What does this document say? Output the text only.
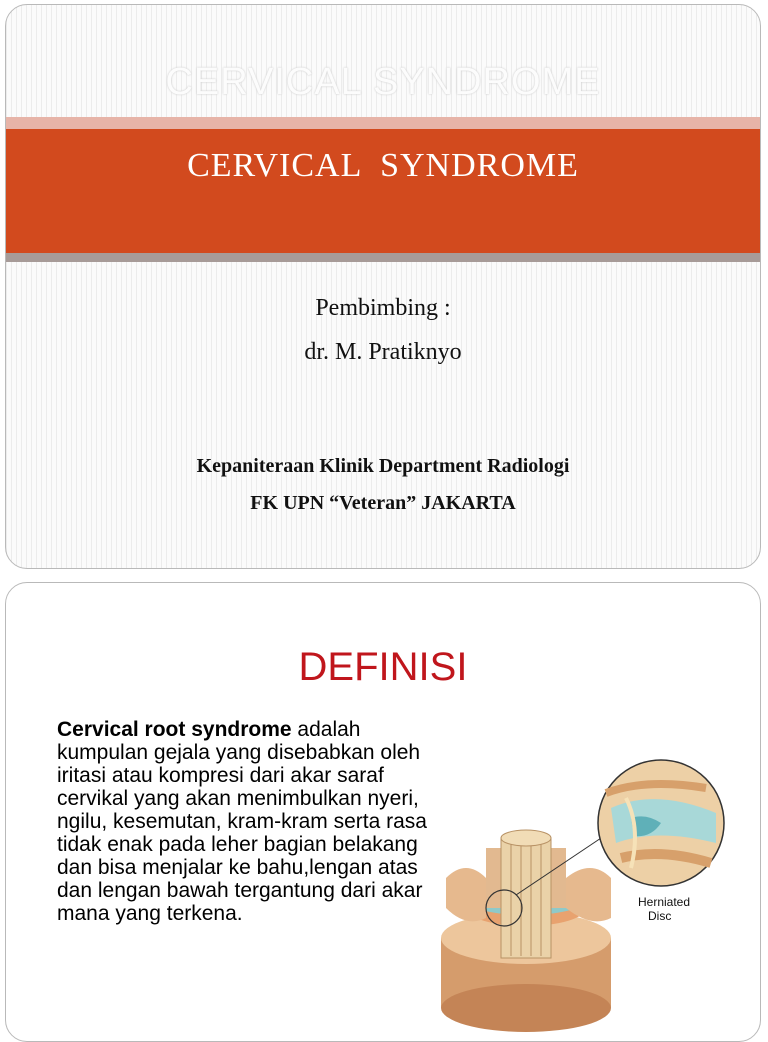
CERVICAL SYNDROME
CERVICAL  SYNDROME
Pembimbing :
dr. M. Pratiknyo
Kepaniteraan Klinik Department Radiologi
FK UPN “Veteran” JAKARTA
DEFINISI
Cervical root syndrome adalah kumpulan gejala yang disebabkan oleh iritasi atau kompresi dari akar saraf cervikal yang akan menimbulkan nyeri, ngilu, kesemutan, kram-kram serta rasa tidak enak pada leher bagian belakang dan bisa menjalar ke bahu,lengan atas dan lengan bawah tergantung dari akar mana yang terkena.	Herniated
Disc
